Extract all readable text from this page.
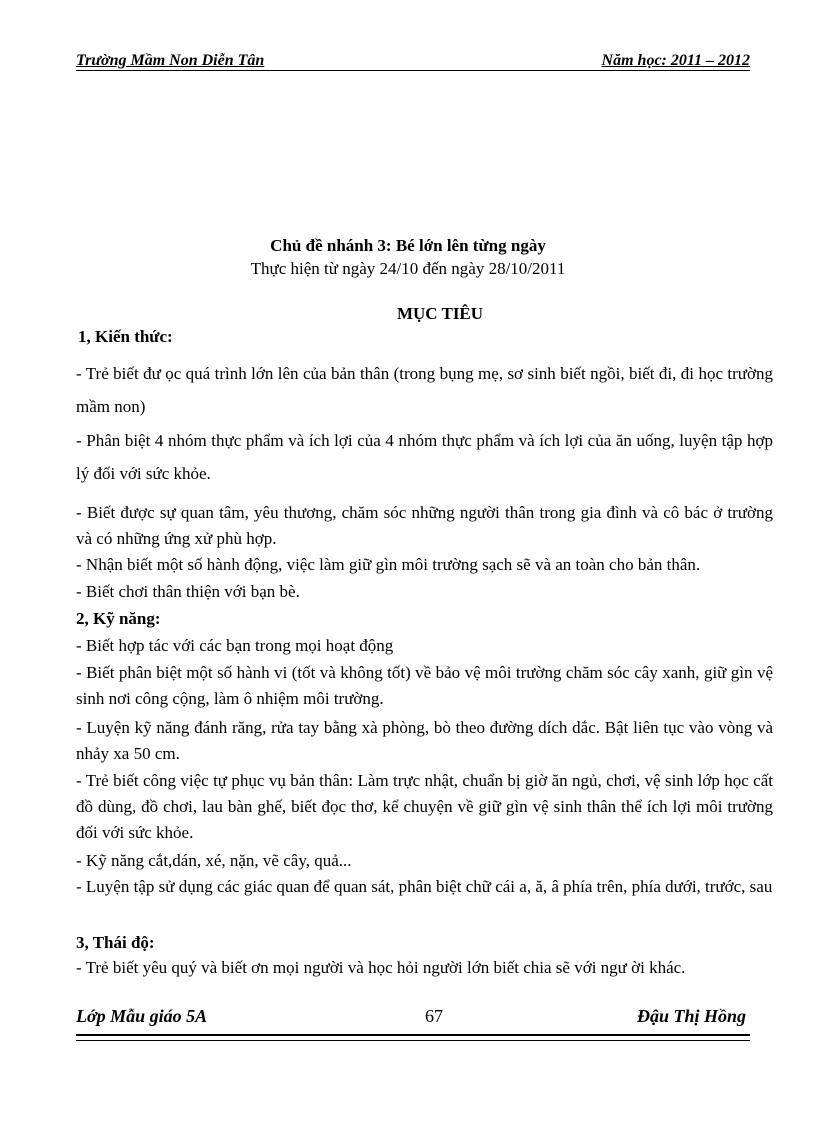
Trường Mầm Non Diễn Tân	Năm học: 2011 – 2012
Chủ đề nhánh 3: Bé lớn lên từng ngày
Thực hiện từ ngày 24/10 đến ngày 28/10/2011
MỤC TIÊU
1, Kiến thức:
- Trẻ biết đư ọc quá trình lớn lên của bản thân (trong bụng mẹ, sơ sinh biết ngồi, biết đi, đi học trường mầm non)
- Phân biệt 4 nhóm thực phẩm và ích lợi của 4 nhóm thực phẩm và ích lợi của ăn uống, luyện tập hợp lý đối với sức khỏe.
- Biết được sự quan tâm, yêu thương, chăm sóc những người thân trong gia đình và cô bác ở trường và có những ứng xử phù hợp.
- Nhận biết một số hành động, việc làm giữ gìn môi trường sạch sẽ và an toàn cho bản thân.
- Biết chơi thân thiện với bạn bè.
2, Kỹ năng:
- Biết hợp tác với các bạn trong mọi hoạt động
- Biết phân biệt một số hành vi (tốt và không tốt) về bảo vệ môi trường chăm sóc cây xanh, giữ gìn vệ sinh nơi công cộng, làm ô nhiệm môi trường.
- Luyện kỹ năng đánh răng, rửa tay bằng xà phòng, bò theo đường dích dắc. Bật liên tục vào vòng và nhảy xa 50 cm.
- Trẻ biết công việc tự phục vụ bản thân: Làm trực nhật, chuẩn bị giờ ăn ngủ, chơi, vệ sinh lớp học cất đồ dùng, đồ chơi, lau bàn ghế, biết đọc thơ, kể chuyện về giữ gìn vệ sinh thân thể ích lợi môi trường đối với sức khỏe.
- Kỹ năng cắt,dán, xé, nặn, vẽ cây, quả...
- Luyện tập sử dụng các giác quan để quan sát, phân biệt chữ cái a, ă, â phía trên, phía dưới, trước, sau
3, Thái độ:
- Trẻ biết yêu quý và biết ơn mọi người và học hỏi người lớn biết chia sẽ với ngư ời khác.
Lớp Mẫu giáo 5A	67	Đậu Thị Hồng
